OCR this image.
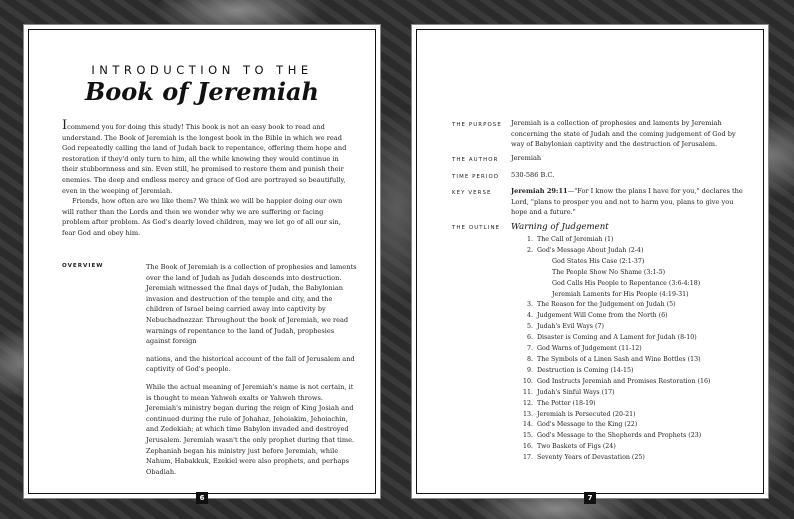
INTRODUCTION TO THE
Book of Jeremiah

Icommend you for doing this study! This book is not an easy book to read and understand. The Book of Jeremiah is the longest book in the Bible in which we read God repeatedly calling the land of Judah back to repentance, offering them hope and restoration if they'd only turn to him, all the while knowing they would continue in their stubbornness and sin. Even still, he promised to restore them and punish their enemies. The deep and endless mercy and grace of God are portrayed so beautifully, even in the weeping of Jeremiah.

Friends, how often are we like them? We think we will be happier doing our own will rather than the Lords and then we wonder why we are suffering or facing problem after problem. As God's dearly loved children, may we let go of all our sin, fear God and obey him.

OVERVIEW	The Book of Jeremiah is a collection of prophesies and laments over the land of Judah as Judah descends into destruction. Jeremiah witnessed the final days of Judah, the Babylonian invasion and destruction of the temple and city, and the children of Israel being carried away into captivity by Nebuchadnezzar. Throughout the book of Jeremiah, we read warnings of repentance to the land of Judah, prophesies against foreign

nations, and the historical account of the fall of Jerusalem and captivity of God's people.

While the actual meaning of Jeremiah's name is not certain, it is thought to mean Yahweh exalts or Yahweh throws. Jeremiah's ministry began during the reign of King Josiah and continued during the rule of Johahaz, Jehoiakim, Jehoiachin, and Zedekiah; at which time Babylon invaded and destroyed Jerusalem. Jeremiah wasn't the only prophet during that time. Zephaniah began his ministry just before Jeremiah, while Nahum, Habakkuk, Ezekiel were also prophets, and perhaps Obadiah.

6
THE PURPOSE Jeremiah is a collection of prophesies and laments by Jeremiah concerning the state of Judah and the coming judgement of God by way of Babylonian captivity and the destruction of Jerusalem.
THE AUTHOR Jeremiah
TIME PERIOD 530-586 B.C.
KEY VERSE	Jeremiah 29:11—"For I know the plans I have for you," declares the Lord, "plans to prosper you and not to harm you, plans to give you hope and a future."
THE OUTLINE Warning of Judgement
1. The Call of Jeremiah (1)
2. God's Message About Judah (2-4)
God States His Case (2:1-37)
The People Show No Shame (3:1-5)
God Calls His People to Repentance (3:6-4:18)
Jeremiah Laments for His People (4:19-31)
3. The Reason for the Judgement on Judah (5)
4. Judgement Will Come from the North (6)
5. Judah's Evil Ways (7)
6. Disaster is Coming and A Lament for Judah (8-10)
7. God Warns of Judgement (11-12)
8. The Symbols of a Linen Sash and Wine Bottles (13)
9. Destruction is Coming (14-15)
10. God Instructs Jeremiah and Promises Restoration (16)
11. Judah's Sinful Ways (17)
12. The Potter (18-19)
13. Jeremiah is Persecuted (20-21)
14. God's Message to the King (22)
15. God's Message to the Shepherds and Prophets (23)
16. Two Baskets of Figs (24)
17. Seventy Years of Devastation (25)
7
